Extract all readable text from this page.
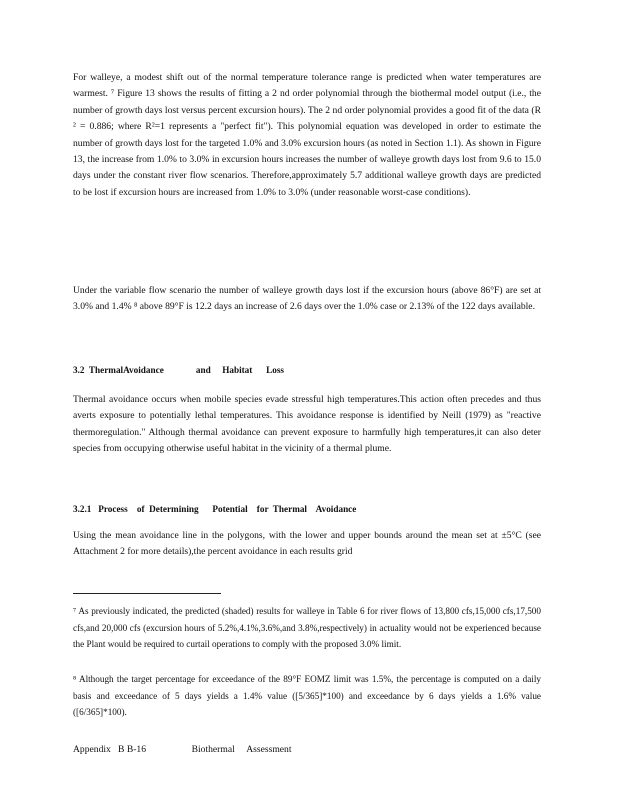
For walleye, a modest shift out of the normal temperature tolerance range is predicted when water temperatures are warmest. ⁷ Figure 13 shows the results of fitting a 2 nd order polynomial through the biothermal model output (i.e., the number of growth days lost versus percent excursion hours). The 2 nd order polynomial provides a good fit of the data (R ² = 0.886; where R²=1 represents a "perfect fit"). This polynomial equation was developed in order to estimate the number of growth days lost for the targeted 1.0% and 3.0% excursion hours (as noted in Section 1.1). As shown in Figure 13, the increase from 1.0% to 3.0% in excursion hours increases the number of walleye growth days lost from 9.6 to 15.0 days under the constant river flow scenarios. Therefore,approximately 5.7 additional walleye growth days are predicted to be lost if excursion hours are increased from 1.0% to 3.0% (under reasonable worst-case conditions).
Under the variable flow scenario the number of walleye growth days lost if the excursion hours (above 86°F) are set at 3.0% and 1.4% ⁸ above 89°F is 12.2 days an increase of 2.6 days over the 1.0% case or 2.13% of the 122 days available.
3.2  ThermalAvoidance              and     Habitat      Loss
Thermal avoidance occurs when mobile species evade stressful high temperatures.This action often precedes and thus averts exposure to potentially lethal temperatures. This avoidance response is identified by Neill (1979) as "reactive thermoregulation." Although thermal avoidance can prevent exposure to harmfully high temperatures,it can also deter species from occupying otherwise useful habitat in the vicinity of a thermal plume.
3.2.1   Process    of  Determining      Potential    for  Thermal    Avoidance
Using the mean avoidance line in the polygons, with the lower and upper bounds around the mean set at ±5°C (see Attachment 2 for more details),the percent avoidance in each results grid
⁷ As previously indicated, the predicted (shaded) results for walleye in Table 6 for river flows of 13,800 cfs,15,000 cfs,17,500 cfs,and 20,000 cfs (excursion hours of 5.2%,4.1%,3.6%,and 3.8%,respectively) in actuality would not be experienced because the Plant would be required to curtail operations to comply with the proposed 3.0% limit.
⁸ Although the target percentage for exceedance of the 89°F EOMZ limit was 1.5%, the percentage is computed on a daily basis and exceedance of 5 days yields a 1.4% value ([5/365]*100) and exceedance by 6 days yields a 1.6% value ([6/365]*100).
Appendix   B B-16                   Biothermal     Assessment
